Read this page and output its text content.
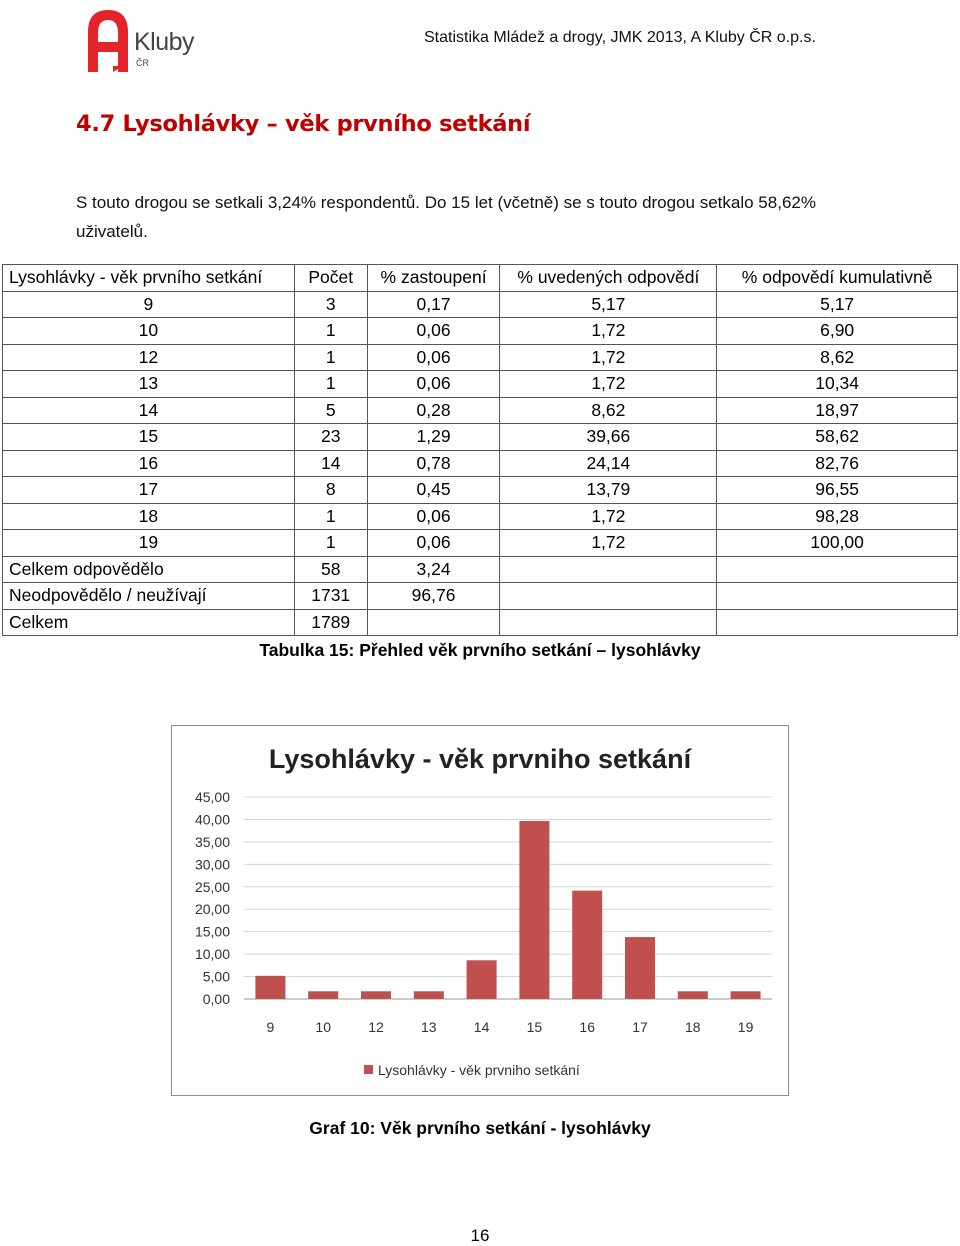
Kluby
ČR
Statistika Mládež a drogy, JMK 2013, A Kluby ČR o.p.s.
4.7 Lysohlávky – věk prvního setkání

S touto drogou se setkali 3,24% respondentů. Do 15 let (včetně) se s touto drogou setkalo 58,62% uživatelů.

Lysohlávky - věk prvního setkání	Počet	% zastoupení	% uvedených odpovědí	% odpovědí kumulativně
9	3	0,17	5,17	5,17
10	1	0,06	1,72	6,90
12	1	0,06	1,72	8,62
13	1	0,06	1,72	10,34
14	5	0,28	8,62	18,97
15	23	1,29	39,66	58,62
16	14	0,78	24,14	82,76
17	8	0,45	13,79	96,55
18	1	0,06	1,72	98,28
19	1	0,06	1,72	100,00
Celkem odpovědělo	58	3,24		
Neodpovědělo / neužívají	1731	96,76		
Celkem	1789			

Tabulka 15: Přehled věk prvního setkání – lysohlávky

Lysohlávky - věk prvniho setkání
0,00
5,00
10,00
15,00
20,00
25,00
30,00
35,00
40,00
45,00
9	10	12	13	14	15	16	17	18	19
Lysohlávky - věk prvniho setkání

Graf 10: Věk prvního setkání - lysohlávky

16
